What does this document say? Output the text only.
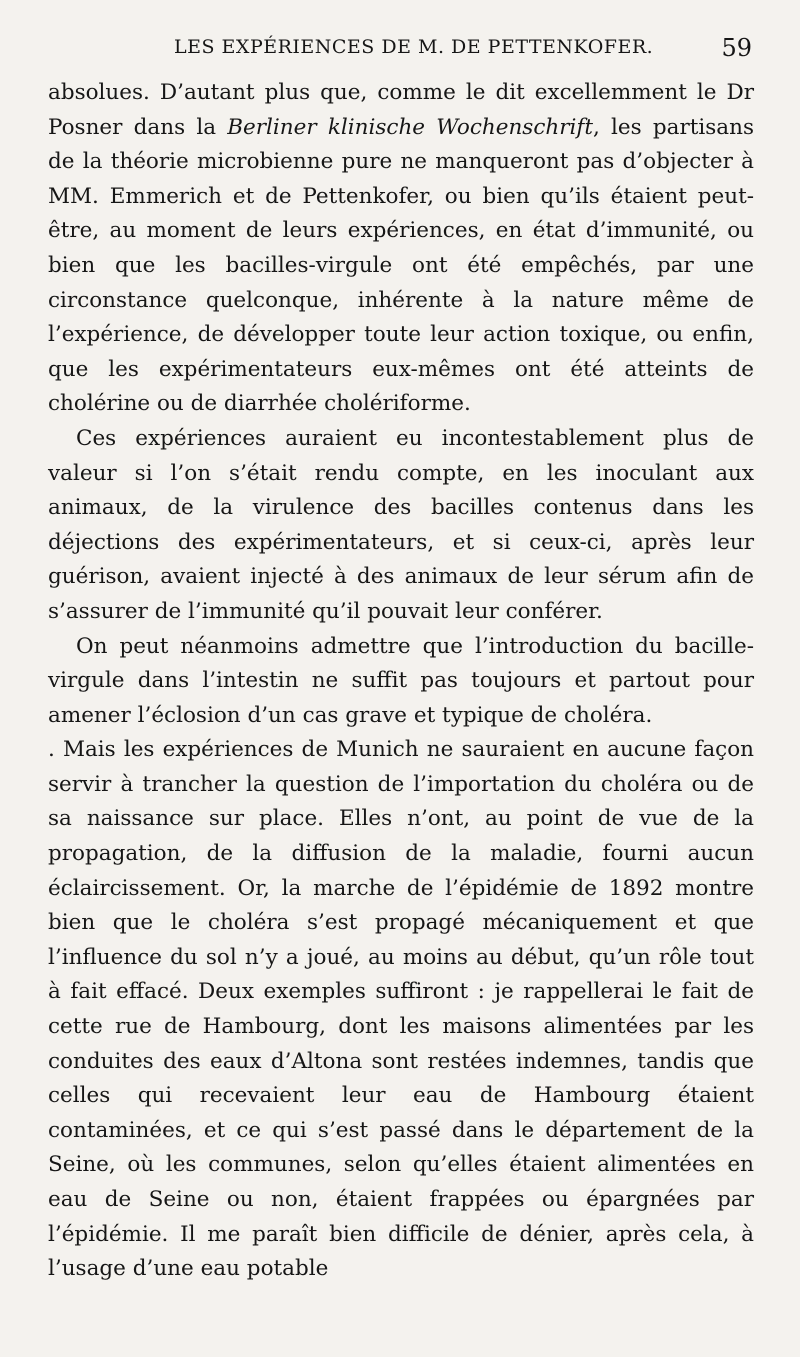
LES EXPÉRIENCES DE M. DE PETTENKOFER.	59

absolues. D’autant plus que, comme le dit excellemment le Dr Posner dans la Berliner klinische Wochenschrift, les partisans de la théorie microbienne pure ne manqueront pas d’objecter à MM. Emmerich et de Pettenkofer, ou bien qu’ils étaient peut-être, au moment de leurs expériences, en état d’immunité, ou bien que les bacilles-virgule ont été empêchés, par une circonstance quelconque, inhérente à la nature même de l’expérience, de développer toute leur action toxique, ou enfin, que les expérimentateurs eux-mêmes ont été atteints de cholérine ou de diarrhée cholériforme.

Ces expériences auraient eu incontestablement plus de valeur si l’on s’était rendu compte, en les inoculant aux animaux, de la virulence des bacilles contenus dans les déjections des expérimentateurs, et si ceux-ci, après leur guérison, avaient injecté à des animaux de leur sérum afin de s’assurer de l’immunité qu’il pouvait leur conférer.

On peut néanmoins admettre que l’introduction du bacille-virgule dans l’intestin ne suffit pas toujours et partout pour amener l’éclosion d’un cas grave et typique de choléra.

. Mais les expériences de Munich ne sauraient en aucune façon servir à trancher la question de l’importation du choléra ou de sa naissance sur place. Elles n’ont, au point de vue de la propagation, de la diffusion de la maladie, fourni aucun éclaircissement. Or, la marche de l’épidémie de 1892 montre bien que le choléra s’est propagé mécaniquement et que l’influence du sol n’y a joué, au moins au début, qu’un rôle tout à fait effacé. Deux exemples suffiront : je rappellerai le fait de cette rue de Hambourg, dont les maisons alimentées par les conduites des eaux d’Altona sont restées indemnes, tandis que celles qui recevaient leur eau de Hambourg étaient contaminées, et ce qui s’est passé dans le département de la Seine, où les communes, selon qu’elles étaient alimentées en eau de Seine ou non, étaient frappées ou épargnées par l’épidémie. Il me paraît bien difficile de dénier, après cela, à l’usage d’une eau potable
